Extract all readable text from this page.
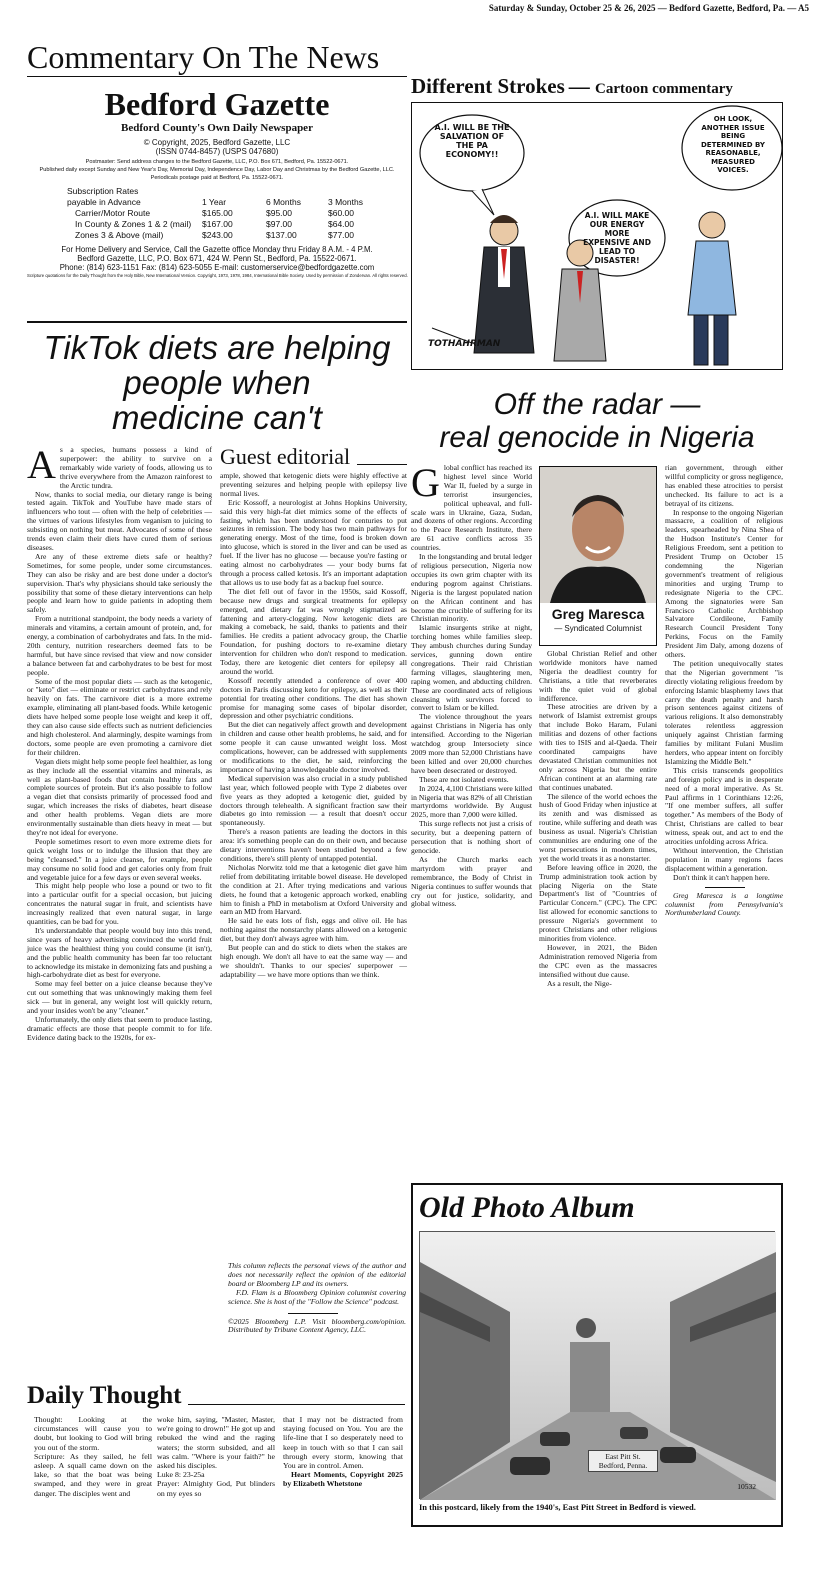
Saturday & Sunday, October 25 & 26, 2025 — Bedford Gazette, Bedford, Pa. — A5
Commentary On The News
Bedford Gazette
Bedford County's Own Daily Newspaper
© Copyright, 2025, Bedford Gazette, LLC
(ISSN 0744-8457) (USPS 047680)
Postmaster: Send address changes to the Bedford Gazette, LLC, P.O. Box 671, Bedford, Pa. 15522-0671.
Published daily except Sunday and New Year's Day, Memorial Day, Independence Day, Labor Day and Christmas by the Bedford Gazette, LLC.
Periodicals postage paid at Bedford, Pa. 15522-0671.
Subscription Rates			
payable in Advance	1 Year	6 Months	3 Months
Carrier/Motor Route	$165.00	$95.00	$60.00
In County & Zones 1 & 2 (mail)	$167.00	$97.00	$64.00
Zones 3 & Above (mail)	$243.00	$137.00	$77.00
For Home Delivery and Service, Call the Gazette office Monday thru Friday 8 A.M. - 4 P.M.
Bedford Gazette, LLC, P.O. Box 671, 424 W. Penn St., Bedford, Pa. 15522-0671.
Phone: (814) 623-1151 Fax: (814) 623-5055 E-mail: customerservice@bedfordgazette.com
Scripture quotations for the Daily Thought from the Holy Bible, New International Version. Copyright, 1973, 1978, 1984, International Bible Society. Used by permission of Zondervan. All rights reserved.
Different Strokes — Cartoon commentary
A.I. WILL BE THE SALVATION OF THE PA ECONOMY!!
A.I. WILL MAKE OUR ENERGY MORE EXPENSIVE AND LEAD TO DISASTER!
OH LOOK, ANOTHER ISSUE BEING DETERMINED BY REASONABLE, MEASURED VOICES.
TOTHAHRMAN
TikTok diets are helping
people when
medicine can't
A s a species, humans possess a kind of superpower: the ability to survive on a remarkably wide variety of foods, allowing us to thrive everywhere from the Amazon rainforest to the Arctic tundra.

Now, thanks to social media, our dietary range is being tested again. TikTok and YouTube have made stars of influencers who tout — often with the help of celebrities — the virtues of various lifestyles from veganism to juicing to subsisting on nothing but meat. Advocates of some of these trends even claim their diets have cured them of serious diseases.

Are any of these extreme diets safe or healthy? Sometimes, for some people, under some circumstances. They can also be risky and are best done under a doctor's supervision. That's why physicians should take seriously the possibility that some of these dietary interventions can help people and learn how to guide patients in adopting them safely.

From a nutritional standpoint, the body needs a variety of minerals and vitamins, a certain amount of protein, and, for energy, a combination of carbohydrates and fats. In the mid-20th century, nutrition researchers deemed fats to be harmful, but have since revised that view and now consider a balance between fat and carbohydrates to be best for most people.

Some of the most popular diets — such as the ketogenic, or "keto" diet — eliminate or restrict carbohydrates and rely heavily on fats. The carnivore diet is a more extreme example, eliminating all plant-based foods. While ketogenic diets have helped some people lose weight and keep it off, they can also cause side effects such as nutrient deficiencies and high cholesterol. And alarmingly, despite warnings from doctors, some people are even promoting a carnivore diet for their children.

Vegan diets might help some people feel healthier, as long as they include all the essential vitamins and minerals, as well as plant-based foods that contain healthy fats and complete sources of protein. But it's also possible to follow a vegan diet that consists primarily of processed food and sugar, which increases the risks of diabetes, heart disease and other health problems. Vegan diets are more environmentally sustainable than diets heavy in meat — but they're not ideal for everyone.

People sometimes resort to even more extreme diets for quick weight loss or to indulge the illusion that they are being "cleansed." In a juice cleanse, for example, people may consume no solid food and get calories only from fruit and vegetable juice for a few days or even several weeks.

This might help people who lose a pound or two to fit into a particular outfit for a special occasion, but juicing concentrates the natural sugar in fruit, and scientists have increasingly realized that even natural sugar, in large quantities, can be bad for you.

It's understandable that people would buy into this trend, since years of heavy advertising convinced the world fruit juice was the healthiest thing you could consume (it isn't), and the public health community has been far too reluctant to acknowledge its mistake in demonizing fats and pushing a high-carbohydrate diet as best for everyone.

Some may feel better on a juice cleanse because they've cut out something that was unknowingly making them feel sick — but in general, any weight lost will quickly return, and your insides won't be any "cleaner."

Unfortunately, the only diets that seem to produce lasting, dramatic effects are those that people commit to for life. Evidence dating back to the 1920s, for ex-

Guest editorial

ample, showed that ketogenic diets were highly effective at preventing seizures and helping people with epilepsy live normal lives.

Eric Kossoff, a neurologist at Johns Hopkins University, said this very high-fat diet mimics some of the effects of fasting, which has been understood for centuries to put seizures in remission. The body has two main pathways for generating energy. Most of the time, food is broken down into glucose, which is stored in the liver and can be used as fuel. If the liver has no glucose — because you're fasting or eating almost no carbohydrates — your body burns fat through a process called ketosis. It's an important adaptation that allows us to use body fat as a backup fuel source.

The diet fell out of favor in the 1950s, said Kossoff, because new drugs and surgical treatments for epilepsy emerged, and dietary fat was wrongly stigmatized as fattening and artery-clogging. Now ketogenic diets are making a comeback, he said, thanks to patients and their families. He credits a patient advocacy group, the Charlie Foundation, for pushing doctors to re-examine dietary intervention for children who don't respond to medication. Today, there are ketogenic diet centers for epilepsy all around the world.

Kossoff recently attended a conference of over 400 doctors in Paris discussing keto for epilepsy, as well as their potential for treating other conditions. The diet has shown promise for managing some cases of bipolar disorder, depression and other psychiatric conditions.

But the diet can negatively affect growth and development in children and cause other health problems, he said, and for some people it can cause unwanted weight loss. Most complications, however, can be addressed with supplements or modifications to the diet, he said, reinforcing the importance of having a knowledgeable doctor involved.

Medical supervision was also crucial in a study published last year, which followed people with Type 2 diabetes over five years as they adopted a ketogenic diet, guided by doctors through telehealth. A significant fraction saw their diabetes go into remission — a result that doesn't occur spontaneously.

There's a reason patients are leading the doctors in this area: it's something people can do on their own, and because dietary interventions haven't been studied beyond a few conditions, there's still plenty of untapped potential.

Nicholas Norwitz told me that a ketogenic diet gave him relief from debilitating irritable bowel disease. He developed the condition at 21. After trying medications and various diets, he found that a ketogenic approach worked, enabling him to finish a PhD in metabolism at Oxford University and earn an MD from Harvard.

He said he eats lots of fish, eggs and olive oil. He has nothing against the nonstarchy plants allowed on a ketogenic diet, but they don't always agree with him.

But people can and do stick to diets when the stakes are high enough. We don't all have to eat the same way — and we shouldn't. Thanks to our species' superpower — adaptability — we have more options than we think.

This column reflects the personal views of the author and does not necessarily reflect the opinion of the editorial board or Bloomberg LP and its owners.

F.D. Flam is a Bloomberg Opinion columnist covering science. She is host of the "Follow the Science" podcast.

©2025 Bloomberg L.P. Visit bloomberg.com/opinion. Distributed by Tribune Content Agency, LLC.

Off the radar —
real genocide in Nigeria
G lobal conflict has reached its highest level since World War II, fueled by a surge in terrorist insurgencies, political upheaval, and full-scale wars in Ukraine, Gaza, Sudan, and dozens of other regions. According to the Peace Research Institute, there are 61 active conflicts across 35 countries.

In the longstanding and brutal ledger of religious persecution, Nigeria now occupies its own grim chapter with its enduring pogrom against Christians. Nigeria is the largest populated nation on the African continent and has become the crucible of suffering for its Christian minority.

Islamic insurgents strike at night, torching homes while families sleep. They ambush churches during Sunday services, gunning down entire congregations. Their raid Christian farming villages, slaughtering men, raping women, and abducting children. These are coordinated acts of religious cleansing with survivors forced to convert to Islam or be killed.

The violence throughout the years against Christians in Nigeria has only intensified. According to the Nigerian watchdog group Intersociety since 2009 more than 52,000 Christians have been killed and over 20,000 churches have been desecrated or destroyed.

These are not isolated events.

In 2024, 4,100 Christians were killed in Nigeria that was 82% of all Christian martyrdoms worldwide. By August 2025, more than 7,000 were killed.

This surge reflects not just a crisis of security, but a deepening pattern of persecution that is nothing short of genocide.

As the Church marks each martyrdom with prayer and remembrance, the Body of Christ in Nigeria continues to suffer wounds that cry out for justice, solidarity, and global witness.

Greg Maresca
— Syndicated Columnist

Global Christian Relief and other worldwide monitors have named Nigeria the deadliest country for Christians, a title that reverberates with the quiet void of global indifference.

These atrocities are driven by a network of Islamist extremist groups that include Boko Haram, Fulani militias and dozens of other factions with ties to ISIS and al-Qaeda. Their coordinated campaigns have devastated Christian communities not only across Nigeria but the entire African continent at an alarming rate that continues unabated.

The silence of the world echoes the hush of Good Friday when injustice at its zenith and was dismissed as routine, while suffering and death was business as usual. Nigeria's Christian communities are enduring one of the worst persecutions in modern times, yet the world treats it as a nonstarter.

Before leaving office in 2020, the Trump administration took action by placing Nigeria on the State Department's list of "Countries of Particular Concern." (CPC). The CPC list allowed for economic sanctions to pressure Nigeria's government to protect Christians and other religious minorities from violence.

However, in 2021, the Biden Administration removed Nigeria from the CPC even as the massacres intensified without due cause.

As a result, the Nige-

rian government, through either willful complicity or gross negligence, has enabled these atrocities to persist unchecked. Its failure to act is a betrayal of its citizens.

In response to the ongoing Nigerian massacre, a coalition of religious leaders, spearheaded by Nina Shea of the Hudson Institute's Center for Religious Freedom, sent a petition to President Trump on October 15 condemning the Nigerian government's treatment of religious minorities and urging Trump to redesignate Nigeria to the CPC. Among the signatories were San Francisco Catholic Archbishop Salvatore Cordileone, Family Research Council President Tony Perkins, Focus on the Family President Jim Daly, among dozens of others.

The petition unequivocally states that the Nigerian government "is directly violating religious freedom by enforcing Islamic blasphemy laws that carry the death penalty and harsh prison sentences against citizens of various religions. It also demonstrably tolerates relentless aggression uniquely against Christian farming families by militant Fulani Muslim herders, who appear intent on forcibly Islamizing the Middle Belt."

This crisis transcends geopolitics and foreign policy and is in desperate need of a moral imperative. As St. Paul affirms in 1 Corinthians 12:26, "If one member suffers, all suffer together." As members of the Body of Christ, Christians are called to bear witness, speak out, and act to end the atrocities unfolding across Africa.

Without intervention, the Christian population in many regions faces displacement within a generation.

Don't think it can't happen here.

Greg Maresca is a longtime columnist from Pennsylvania's Northumberland County.

Old Photo Album
East Pitt St.
Bedford, Penna.
10532
In this postcard, likely from the 1940's, East Pitt Street in Bedford is viewed.
Daily Thought
Thought: Looking at the circumstances will cause you to doubt, but looking to God will bring you out of the storm.
Scripture: As they sailed, he fell asleep. A squall came down on the lake, so that the boat was being swamped, and they were in great danger. The disciples went and
woke him, saying, "Master, Master, we're going to drown!" He got up and rebuked the wind and the raging waters; the storm subsided, and all was calm. "Where is your faith?" he asked his disciples.
Luke 8: 23-25a
Prayer: Almighty God, Put blinders on my eyes so
that I may not be distracted from staying focused on You. You are the life-line that I so desperately need to keep in touch with so that I can sail through every storm, knowing that You are in control. Amen.
Heart Moments, Copyright 2025 by Elizabeth Whetstone
